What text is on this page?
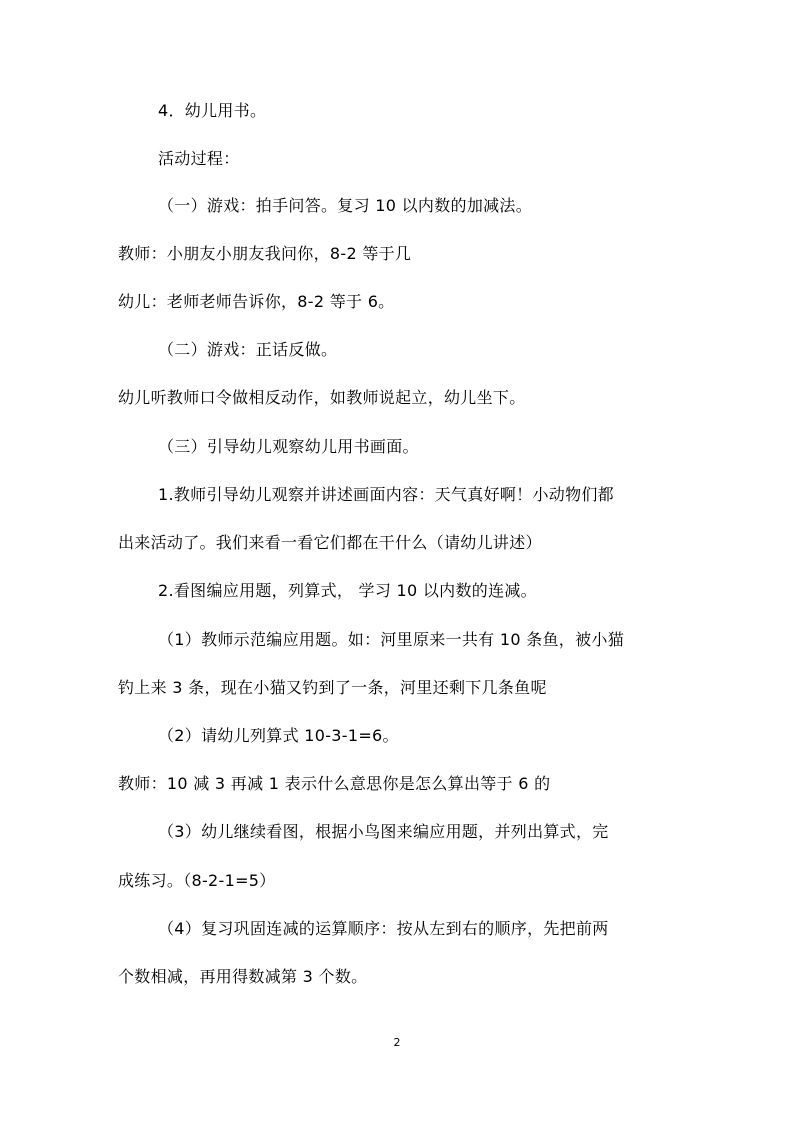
4．幼儿用书。
活动过程：
（一）游戏：拍手问答。复习 10 以内数的加减法。
教师：小朋友小朋友我问你，8-2 等于几
幼儿：老师老师告诉你，8-2 等于 6。
（二）游戏：正话反做。
幼儿听教师口令做相反动作，如教师说起立，幼儿坐下。
（三）引导幼儿观察幼儿用书画面。
1.教师引导幼儿观察并讲述画面内容：天气真好啊！小动物们都
出来活动了。我们来看一看它们都在干什么（请幼儿讲述）
2.看图编应用题，列算式， 学习 10 以内数的连减。
（1）教师示范编应用题。如：河里原来一共有 10 条鱼，被小猫
钓上来 3 条，现在小猫又钓到了一条，河里还剩下几条鱼呢
（2）请幼儿列算式 10-3-1=6。
教师：10 减 3 再减 1 表示什么意思你是怎么算出等于 6 的
（3）幼儿继续看图，根据小鸟图来编应用题，并列出算式，完
成练习。（8-2-1=5）
（4）复习巩固连减的运算顺序：按从左到右的顺序，先把前两
个数相减，再用得数减第 3 个数。
2
